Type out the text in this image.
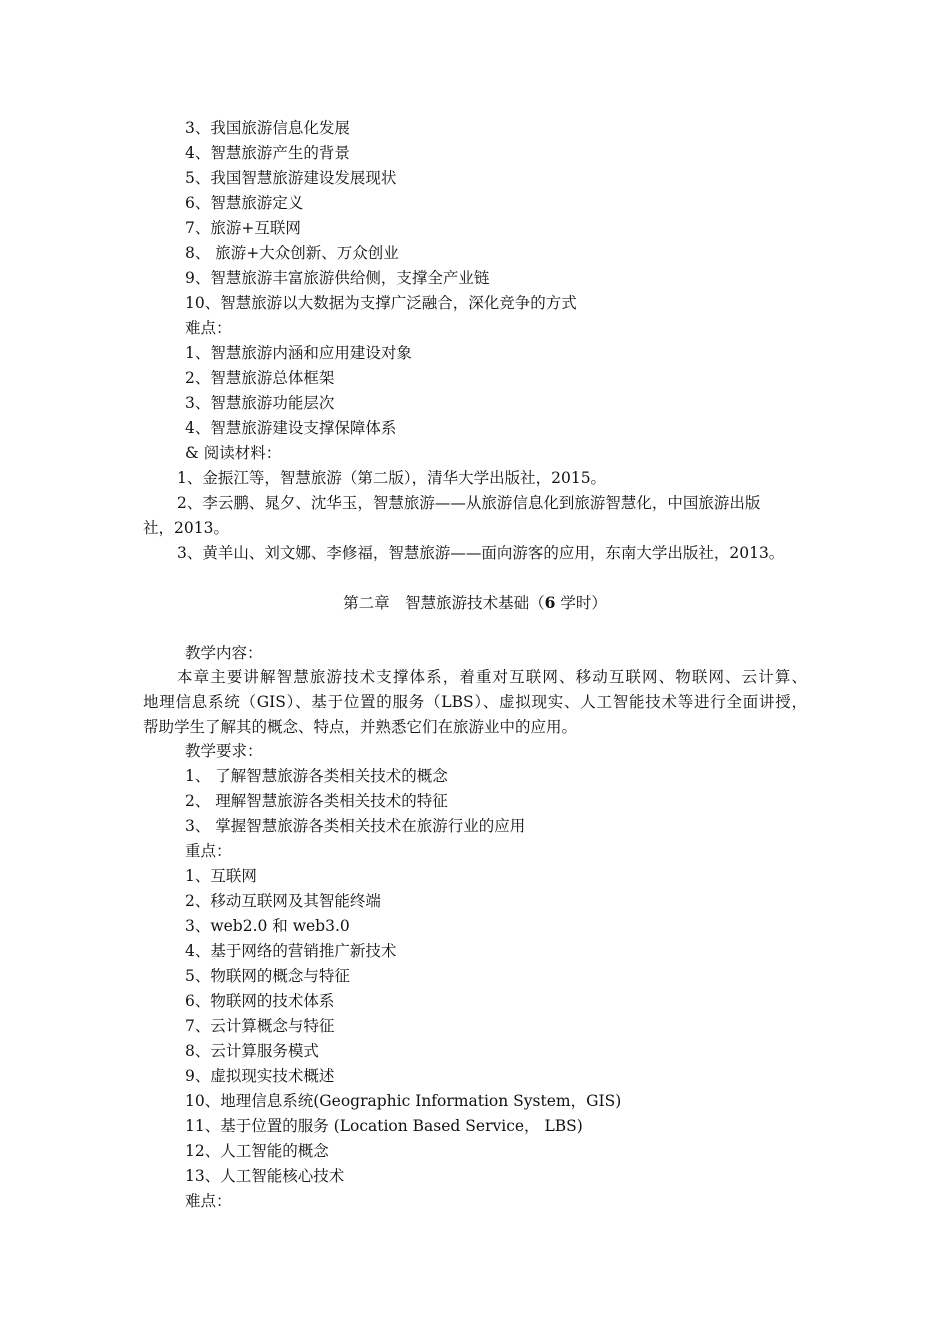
3、我国旅游信息化发展

4、智慧旅游产生的背景

5、我国智慧旅游建设发展现状

6、智慧旅游定义

7、旅游+互联网

8、 旅游+大众创新、万众创业

9、智慧旅游丰富旅游供给侧，支撑全产业链

10、智慧旅游以大数据为支撑广泛融合，深化竞争的方式

难点：

1、智慧旅游内涵和应用建设对象

2、智慧旅游总体框架

3、智慧旅游功能层次

4、智慧旅游建设支撑保障体系

& 阅读材料：

1、金振江等，智慧旅游（第二版），清华大学出版社，2015。

2、李云鹏、晁夕、沈华玉，智慧旅游——从旅游信息化到旅游智慧化，中国旅游出版

社，2013。

3、黄羊山、刘文娜、李修福，智慧旅游——面向游客的应用，东南大学出版社，2013。

第二章　智慧旅游技术基础（6 学时）

教学内容：

本章主要讲解智慧旅游技术支撑体系，着重对互联网、移动互联网、物联网、云计算、

地理信息系统（GIS）、基于位置的服务（LBS）、虚拟现实、人工智能技术等进行全面讲授，

帮助学生了解其的概念、特点，并熟悉它们在旅游业中的应用。

教学要求：

1、 了解智慧旅游各类相关技术的概念

2、 理解智慧旅游各类相关技术的特征

3、 掌握智慧旅游各类相关技术在旅游行业的应用

重点：

1、互联网

2、移动互联网及其智能终端

3、web2.0 和 web3.0

4、基于网络的营销推广新技术

5、物联网的概念与特征

6、物联网的技术体系

7、云计算概念与特征

8、云计算服务模式

9、虚拟现实技术概述

10、地理信息系统(Geographic Information System，GIS)

11、基于位置的服务 (Location Based Service， LBS)

12、人工智能的概念

13、人工智能核心技术

难点：
